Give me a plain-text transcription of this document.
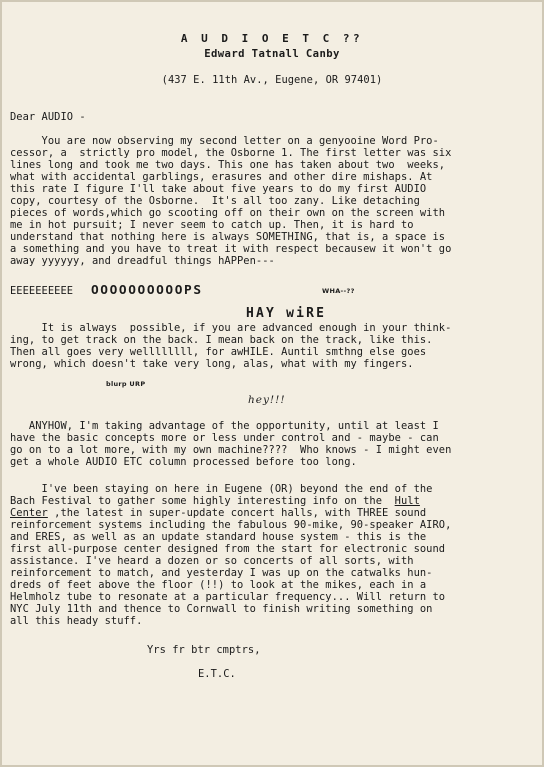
A U D I O E T C ??
Edward Tatnall Canby
(437 E. 11th Av., Eugene, OR 97401)
Dear AUDIO -
You are now observing my second letter on a genyooine Word Pro-
cessor, a  strictly pro model, the Osborne 1. The first letter was six
lines long and took me two days. This one has taken about two  weeks,
what with accidental garblings, erasures and other dire mishaps. At
this rate I figure I'll take about five years to do my first AUDIO
copy, courtesy of the Osborne.  It's all too zany. Like detaching
pieces of words,which go scooting off on their own on the screen with
me in hot pursuit; I never seem to catch up. Then, it is hard to
understand that nothing here is always SOMETHING, that is, a space is
a something and you have to treat it with respect becausew it won't go
away yyyyyy, and dreadful things hAPPen---
EEEEEEEEEE OOOOOOOOOOPS	WHA--??
HAY wiRE
It is always  possible, if you are advanced enough in your think-
ing, to get track on the back. I mean back on the track, like this.
Then all goes very wellllllll, for awHILE. Auntil smthng else goes
wrong, which doesn't take very long, alas, what with my fingers.
blurp URP
hey!!!
ANYHOW, I'm taking advantage of the opportunity, until at least I
have the basic concepts more or less under control and - maybe - can
go on to a lot more, with my own machine????  Who knows - I might even
get a whole AUDIO ETC column processed before too long.
I've been staying on here in Eugene (OR) beyond the end of the
Bach Festival to gather some highly interesting info on the  Hult
Center ,the latest in super-update concert halls, with THREE sound
reinforcement systems including the fabulous 90-mike, 90-speaker AIRO,
and ERES, as well as an update standard house system - this is the
first all-purpose center designed from the start for electronic sound
assistance. I've heard a dozen or so concerts of all sorts, with
reinforcement to match, and yesterday I was up on the catwalks hun-
dreds of feet above the floor (!!) to look at the mikes, each in a
Helmholz tube to resonate at a particular frequency... Will return to
NYC July 11th and thence to Cornwall to finish writing something on
all this heady stuff.
Yrs fr btr cmptrs,
E.T.C.
